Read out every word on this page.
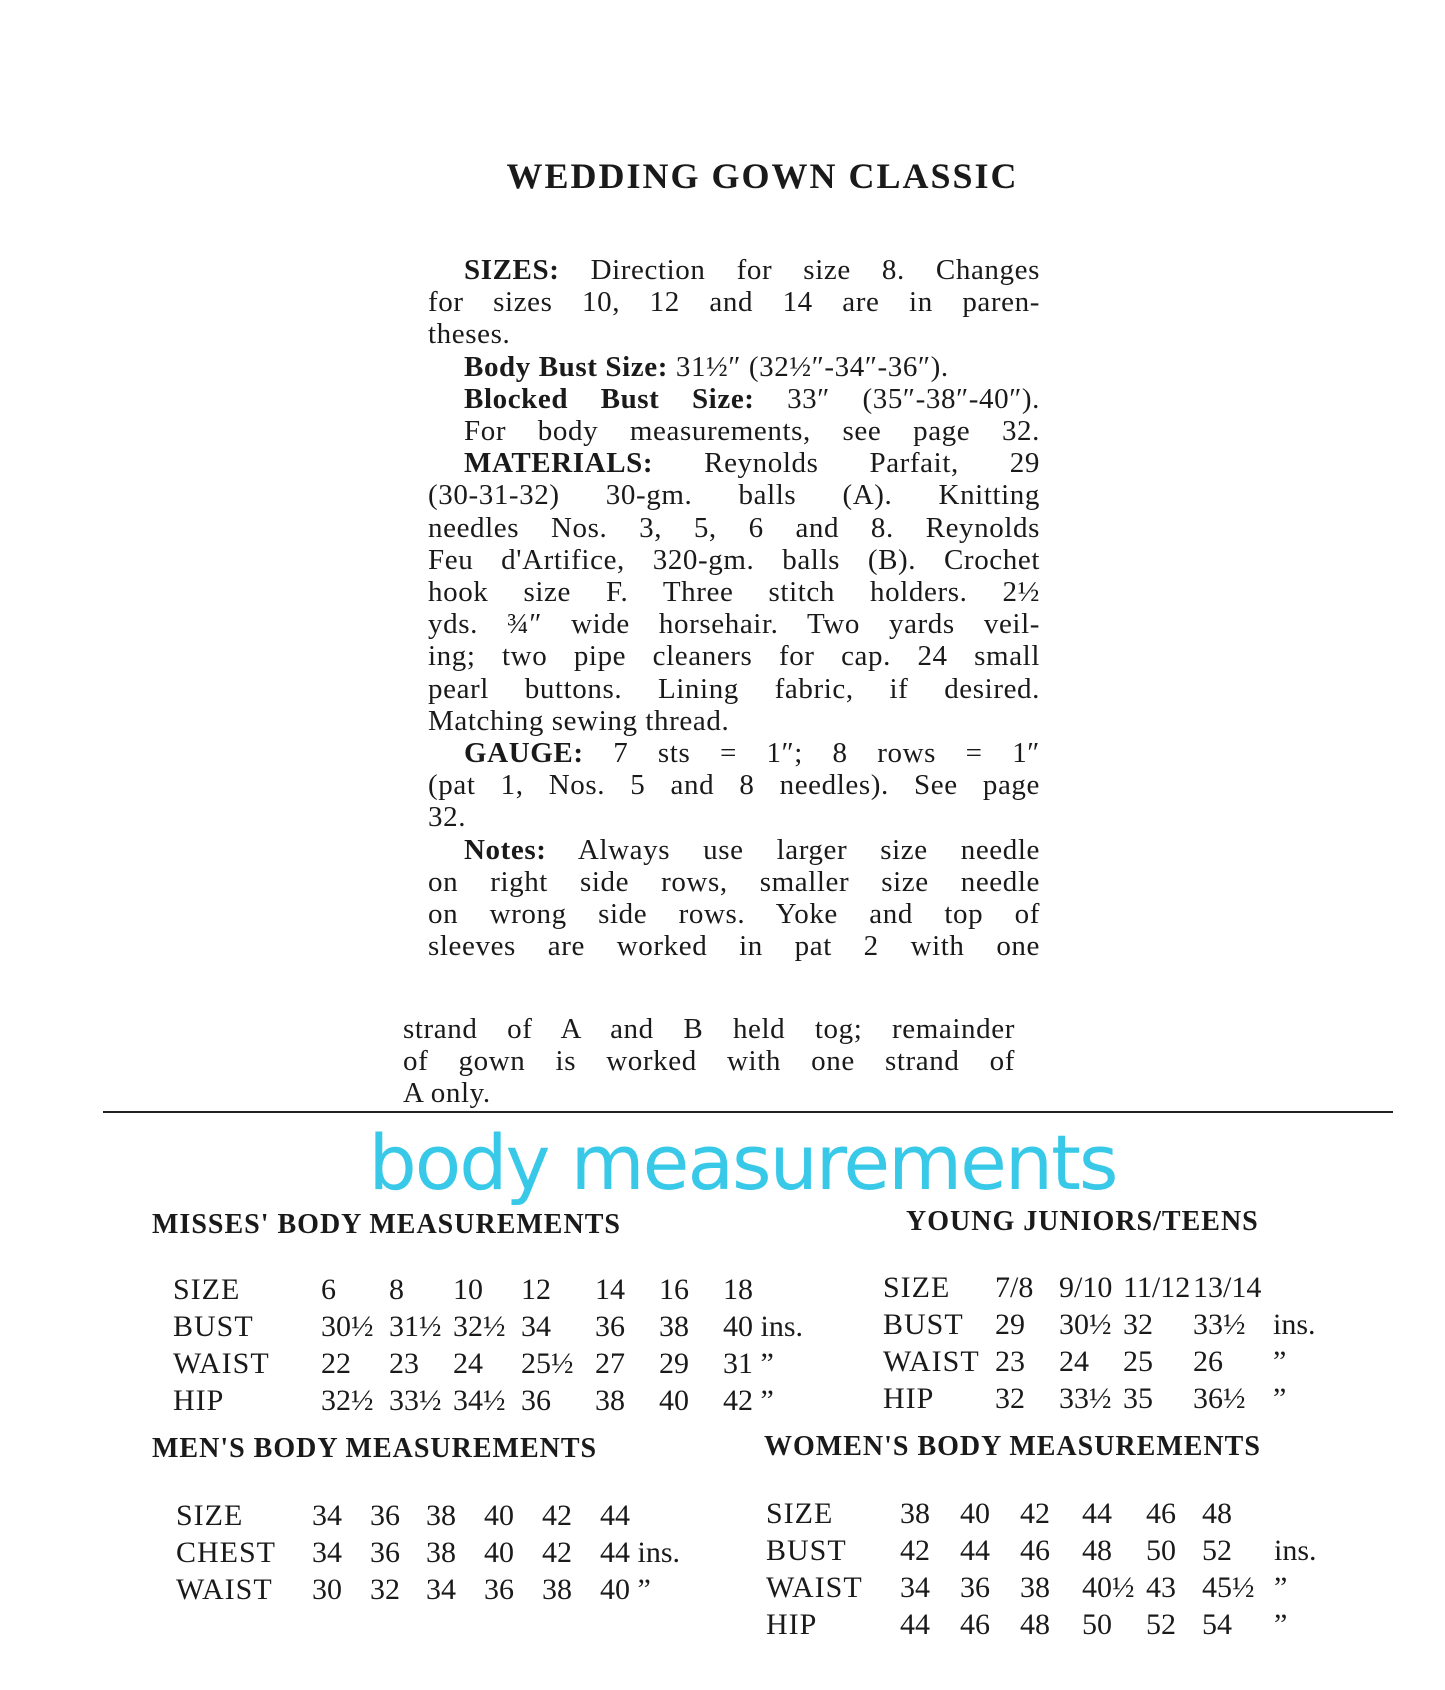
WEDDING GOWN CLASSIC
SIZES: Direction for size 8. Changes
for sizes 10, 12 and 14 are in paren-
theses.
Body Bust Size: 31½″ (32½″-34″-36″).
Blocked Bust Size: 33″ (35″-38″-40″).
For body measurements, see page 32.
MATERIALS: Reynolds Parfait, 29
(30-31-32) 30-gm. balls (A). Knitting
needles Nos. 3, 5, 6 and 8. Reynolds
Feu d'Artifice, 320-gm. balls (B). Crochet
hook size F. Three stitch holders. 2½
yds. ¾″ wide horsehair. Two yards veil-
ing; two pipe cleaners for cap. 24 small
pearl buttons. Lining fabric, if desired.
Matching sewing thread.
GAUGE: 7 sts = 1″; 8 rows = 1″
(pat 1, Nos. 5 and 8 needles). See page
32.
Notes: Always use larger size needle
on right side rows, smaller size needle
on wrong side rows. Yoke and top of
sleeves are worked in pat 2 with one
strand of A and B held tog; remainder
of gown is worked with one strand of
A only.
body measurements
MISSES' BODY MEASUREMENTS
SIZE	6	8	10	12	14	16	18
BUST	30½	31½	32½	34	36	38	40 ins.
WAIST	22	23	24	25½	27	29	31 ”
HIP	32½	33½	34½	36	38	40	42 ”
YOUNG JUNIORS/TEENS
SIZE	7/8	9/10	11/12	13/14	
BUST	29	30½	32	33½	ins.
WAIST	23	24	25	26	”
HIP	32	33½	35	36½	”
MEN'S BODY MEASUREMENTS
SIZE	34	36	38	40	42	44
CHEST	34	36	38	40	42	44 ins.
WAIST	30	32	34	36	38	40 ”
WOMEN'S BODY MEASUREMENTS
SIZE	38	40	42	44	46	48	
BUST	42	44	46	48	50	52	ins.
WAIST	34	36	38	40½	43	45½	”
HIP	44	46	48	50	52	54	”
